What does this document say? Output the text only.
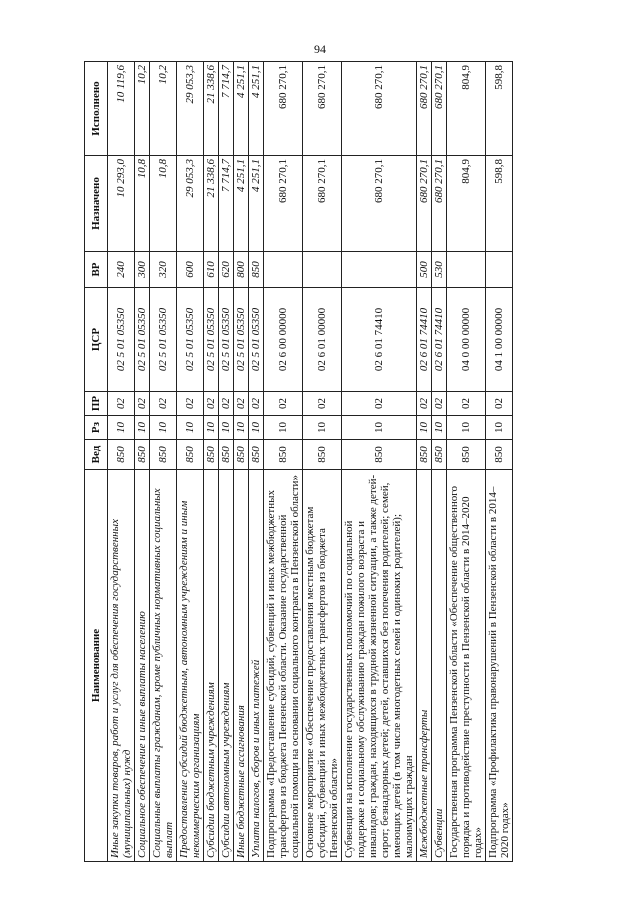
94
Наименование	Вед	Рз	ПР	ЦСР	ВР	Назначено	Исполнено
Иные закупки товаров, работ и услуг для обеспечения государственных (муниципальных) нужд	850	10	02	02 5 01 05350	240	10 293,0	10 119,6
Социальное обеспечение и иные выплаты населению	850	10	02	02 5 01 05350	300	10,8	10,2
Социальные выплаты гражданам, кроме публичных нормативных социальных выплат	850	10	02	02 5 01 05350	320	10,8	10,2
Предоставление субсидий бюджетным, автономным учреждениям и иным некоммерческим организациям	850	10	02	02 5 01 05350	600	29 053,3	29 053,3
Субсидии бюджетным учреждениям	850	10	02	02 5 01 05350	610	21 338,6	21 338,6
Субсидии автономным учреждениям	850	10	02	02 5 01 05350	620	7 714,7	7 714,7
Иные бюджетные ассигнования	850	10	02	02 5 01 05350	800	4 251,1	4 251,1
Уплата налогов, сборов и иных платежей	850	10	02	02 5 01 05350	850	4 251,1	4 251,1
Подпрограмма «Предоставление субсидий, субвенций и иных межбюджетных трансфертов из бюджета Пензенской области. Оказание государственной социальной помощи на основании социального контракта в Пензенской области»	850	10	02	02 6 00 00000		680 270,1	680 270,1
Основное мероприятие «Обеспечение предоставления местным бюджетам субсидий, субвенций и иных межбюджетных трансфертов из бюджета Пензенской области»	850	10	02	02 6 01 00000		680 270,1	680 270,1
Субвенции на исполнение государственных полномочий по социальной поддержке и социальному обслуживанию граждан пожилого возраста и инвалидов; граждан, находящихся в трудной жизненной ситуации, а также детей-сирот; безнадзорных детей; детей, оставшихся без попечения родителей; семей, имеющих детей (в том числе многодетных семей и одиноких родителей); малоимущих граждан	850	10	02	02 6 01 74410		680 270,1	680 270,1
Межбюджетные трансферты	850	10	02	02 6 01 74410	500	680 270,1	680 270,1
Субвенции	850	10	02	02 6 01 74410	530	680 270,1	680 270,1
Государственная программа Пензенской области «Обеспечение общественного порядка и противодействие преступности в Пензенской области в 2014–2020 годах»	850	10	02	04 0 00 00000		804,9	804,9
Подпрограмма «Профилактика правонарушений в Пензенской области в 2014–2020 годах»	850	10	02	04 1 00 00000		598,8	598,8
